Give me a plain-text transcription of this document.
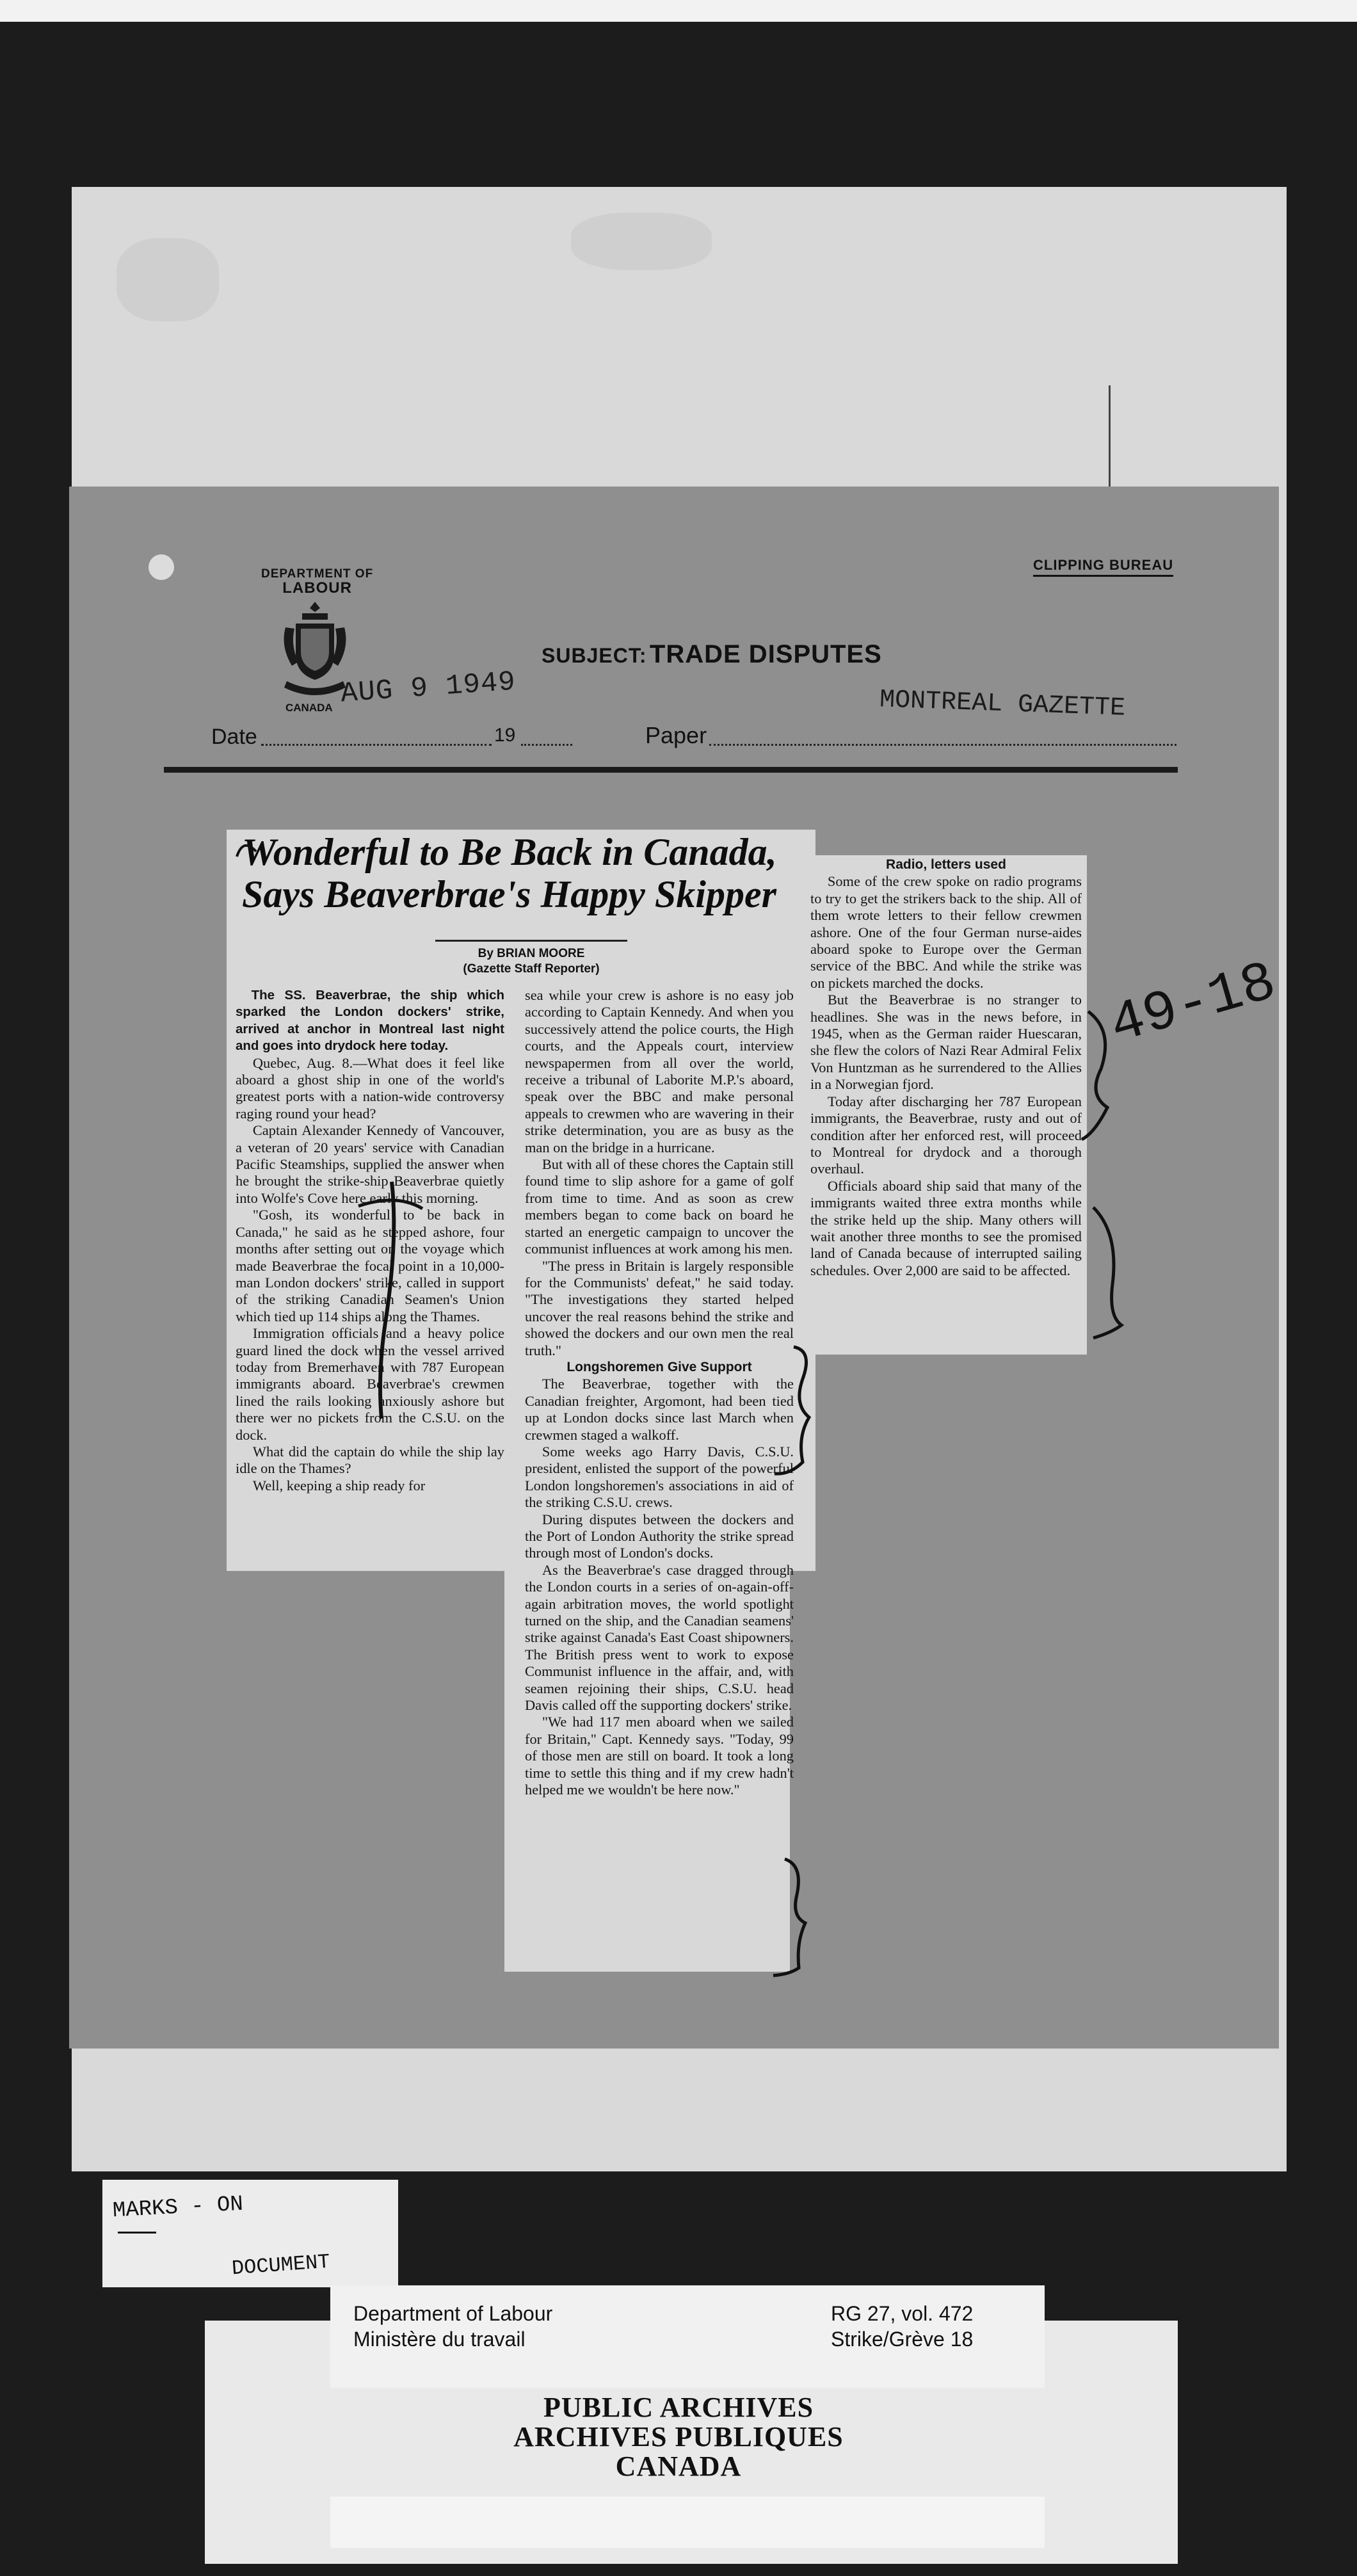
DEPARTMENT OF
LABOUR
CANADA
CLIPPING BUREAU
SUBJECT: TRADE DISPUTES
AUG 9 1949
Date	19	Paper
MONTREAL GAZETTE
Wonderful to Be Back in Canada,
Says Beaverbrae's Happy Skipper
By BRIAN MOORE
(Gazette Staff Reporter)

The SS. Beaverbrae, the ship which sparked the London dockers' strike, arrived at anchor in Montreal last night and goes into drydock here today.

Quebec, Aug. 8.—What does it feel like aboard a ghost ship in one of the world's greatest ports with a nation-wide controversy raging round your head?

Captain Alexander Kennedy of Vancouver, a veteran of 20 years' service with Canadian Pacific Steamships, supplied the answer when he brought the strike-ship Beaverbrae quietly into Wolfe's Cove here early this morning.

"Gosh, its wonderful to be back in Canada," he said as he stepped ashore, four months after setting out on the voyage which made Beaverbrae the focal point in a 10,000-man London dockers' strike, called in support of the striking Canadian Seamen's Union which tied up 114 ships along the Thames.

Immigration officials and a heavy police guard lined the dock when the vessel arrived today from Bremerhaven with 787 European immigrants aboard. Beaverbrae's crewmen lined the rails looking anxiously ashore but there wer no pickets from the C.S.U. on the dock.

What did the captain do while the ship lay idle on the Thames?

Well, keeping a ship ready for

sea while your crew is ashore is no easy job according to Captain Kennedy. And when you successively attend the police courts, the High courts, and the Appeals court, interview newspapermen from all over the world, receive a tribunal of Laborite M.P.'s aboard, speak over the BBC and make personal appeals to crewmen who are wavering in their strike determination, you are as busy as the man on the bridge in a hurricane.

But with all of these chores the Captain still found time to slip ashore for a game of golf from time to time. And as soon as crew members began to come back on board he started an energetic campaign to uncover the communist influences at work among his men.

"The press in Britain is largely responsible for the Communists' defeat," he said today. "The investigations they started helped uncover the real reasons behind the strike and showed the dockers and our own men the real truth."

Longshoremen Give Support

The Beaverbrae, together with the Canadian freighter, Argomont, had been tied up at London docks since last March when crewmen staged a walkoff.

Some weeks ago Harry Davis, C.S.U. president, enlisted the support of the powerful London longshoremen's associations in aid of the striking C.S.U. crews.

During disputes between the dockers and the Port of London Authority the strike spread through most of London's docks.

As the Beaverbrae's case dragged through the London courts in a series of on-again-off-again arbitration moves, the world spotlight turned on the ship, and the Canadian seamens' strike against Canada's East Coast shipowners. The British press went to work to expose Communist influence in the affair, and, with seamen rejoining their ships, C.S.U. head Davis called off the supporting dockers' strike.

"We had 117 men aboard when we sailed for Britain," Capt. Kennedy says. "Today, 99 of those men are still on board. It took a long time to settle this thing and if my crew hadn't helped me we wouldn't be here now."

Radio, letters used

Some of the crew spoke on radio programs to try to get the strikers back to the ship. All of them wrote letters to their fellow crewmen ashore. One of the four German nurse-aides aboard spoke to Europe over the German service of the BBC. And while the strike was on pickets marched the docks.

But the Beaverbrae is no stranger to headlines. She was in the news before, in 1945, when as the German raider Huescaran, she flew the colors of Nazi Rear Admiral Felix Von Huntzman as he surrendered to the Allies in a Norwegian fjord.

Today after discharging her 787 European immigrants, the Beaverbrae, rusty and out of condition after her enforced rest, will proceed to Montreal for drydock and a thorough overhaul.

Officials aboard ship said that many of the immigrants waited three extra months while the strike held up the ship. Many others will wait another three months to see the promised land of Canada because of interrupted sailing schedules. Over 2,000 are said to be affected.

49-18
MARKS - ON
DOCUMENT
Department of Labour
Ministère du travail
RG 27, vol. 472
Strike/Grève 18
PUBLIC ARCHIVES
ARCHIVES PUBLIQUES
CANADA
